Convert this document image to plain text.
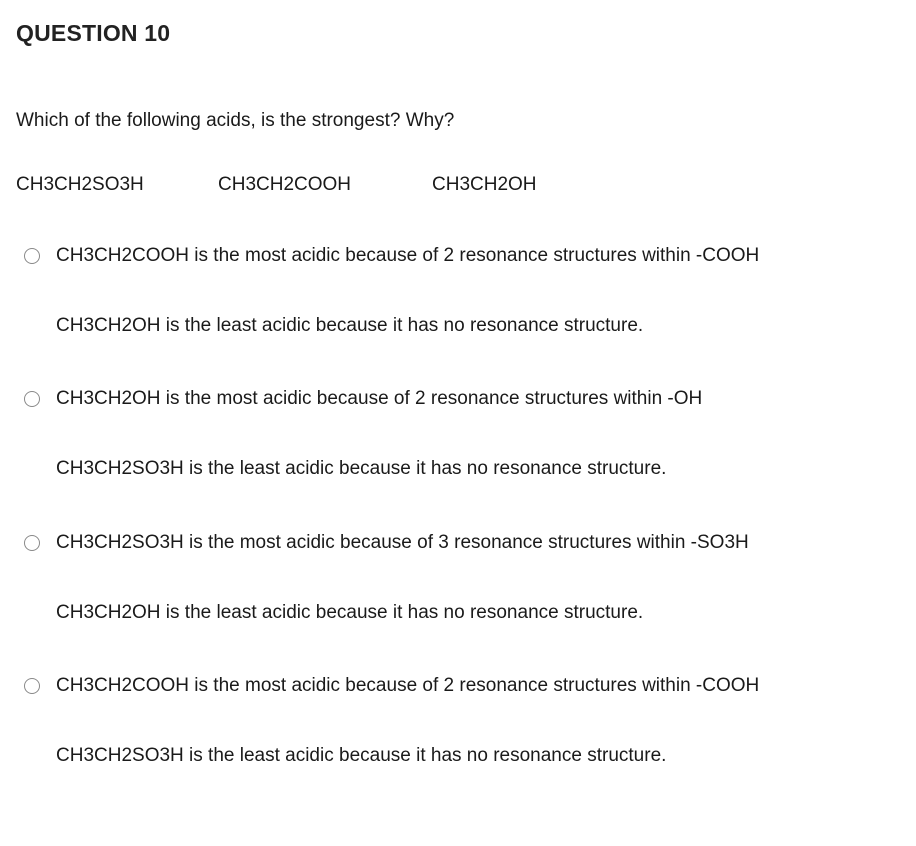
QUESTION 10
Which of the following acids, is the strongest? Why?
CH3CH2SO3H	CH3CH2COOH	CH3CH2OH
CH3CH2COOH is the most acidic because of 2 resonance structures within -COOH
CH3CH2OH is the least acidic because it has no resonance structure.
CH3CH2OH is the most acidic because of 2 resonance structures within -OH
CH3CH2SO3H is the least acidic because it has no resonance structure.
CH3CH2SO3H is the most acidic because of 3 resonance structures within -SO3H
CH3CH2OH is the least acidic because it has no resonance structure.
CH3CH2COOH is the most acidic because of 2 resonance structures within -COOH
CH3CH2SO3H is the least acidic because it has no resonance structure.
